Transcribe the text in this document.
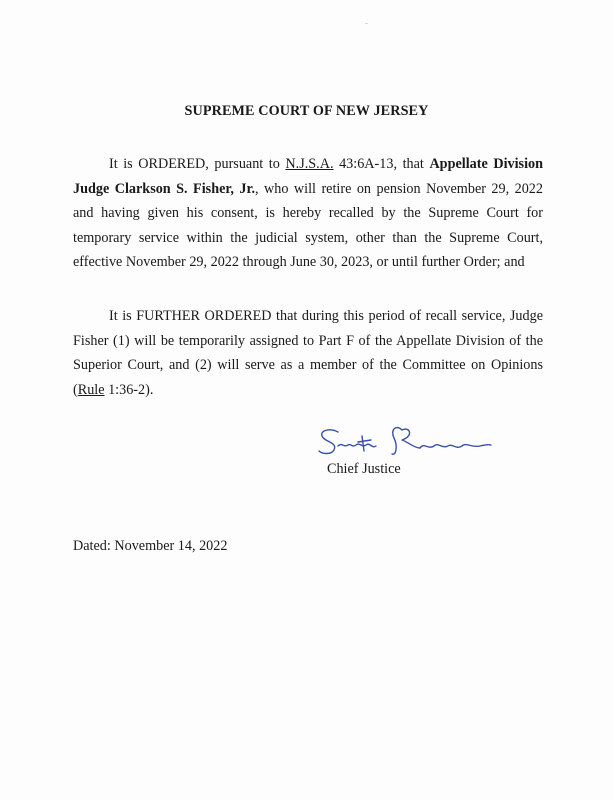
SUPREME COURT OF NEW JERSEY
It is ORDERED, pursuant to N.J.S.A. 43:6A-13, that Appellate Division Judge Clarkson S. Fisher, Jr., who will retire on pension November 29, 2022 and having given his consent, is hereby recalled by the Supreme Court for temporary service within the judicial system, other than the Supreme Court, effective November 29, 2022 through June 30, 2023, or until further Order; and
It is FURTHER ORDERED that during this period of recall service, Judge Fisher (1) will be temporarily assigned to Part F of the Appellate Division of the Superior Court, and (2) will serve as a member of the Committee on Opinions (Rule 1:36-2).
Chief Justice
Dated: November 14, 2022
